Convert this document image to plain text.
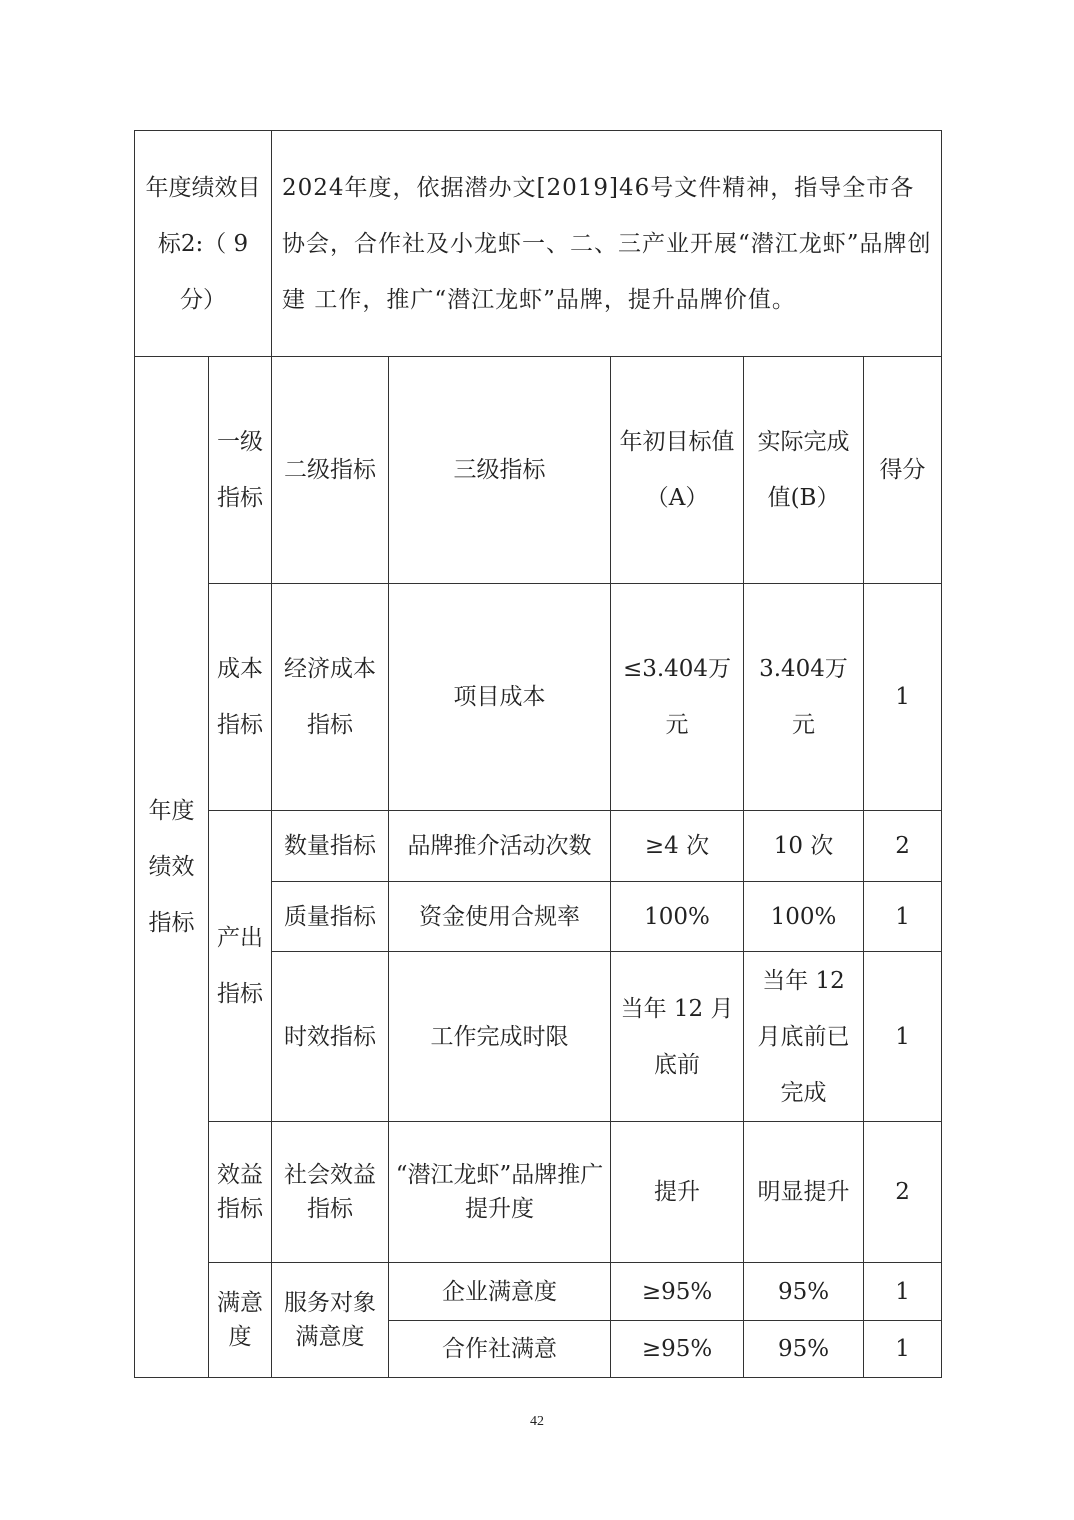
年度绩效目标2:（ 9 分）		2024年度，依据潜办文[2019]46号文件精神，指导全市各协会，合作社及小龙虾一、二、三产业开展“潜江龙虾”品牌创建 工作，推广“潜江龙虾”品牌，提升品牌价值。				
年度绩效指标	一级指标	二级指标	三级指标	年初目标值（A）	实际完成值(B）	得分
	成本指标	经济成本指标	项目成本	≤3.404万元	3.404万元	1
	产出指标	数量指标	品牌推介活动次数	≥4 次	10 次	2
		质量指标	资金使用合规率	100%	100%	1
		时效指标	工作完成时限	当年 12 月底前	当年 12 月底前已完成	1
	效益指标	社会效益指标	“潜江龙虾”品牌推广提升度	提升	明显提升	2
	满意度	服务对象满意度	企业满意度	≥95%	95%	1
			合作社满意	≥95%	95%	1
42
